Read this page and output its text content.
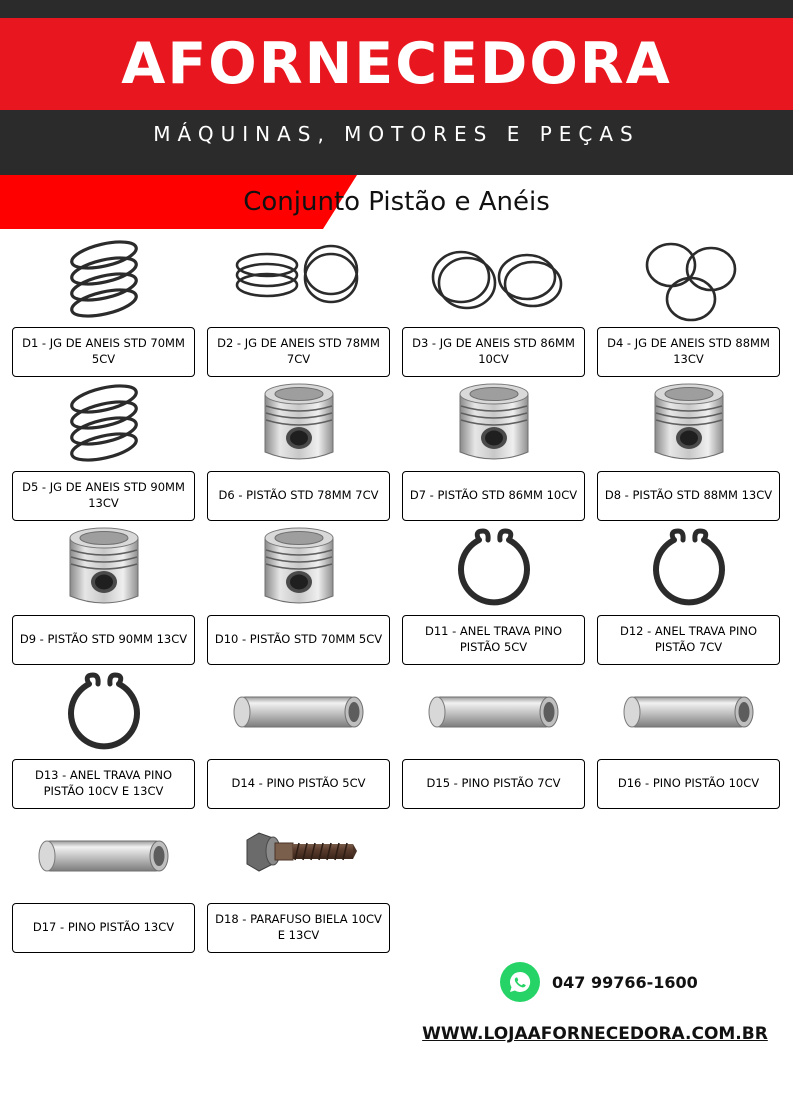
AFORNECEDORA
MÁQUINAS, MOTORES E PEÇAS
Conjunto Pistão e Anéis
D1 - JG DE ANEIS STD 70MM 5CV
D2 - JG DE ANEIS STD 78MM 7CV
D3 - JG DE ANEIS STD 86MM 10CV
D4 - JG DE ANEIS STD 88MM 13CV
D5 - JG DE ANEIS STD 90MM 13CV
D6 - PISTÃO STD 78MM 7CV	D7 - PISTÃO STD 86MM 10CV	D8 - PISTÃO STD 88MM 13CV
D9 - PISTÃO STD 90MM 13CV	D10 - PISTÃO STD 70MM 5CV
D11 - ANEL TRAVA PINO PISTÃO 5CV
D12 - ANEL TRAVA PINO PISTÃO 7CV
D13 - ANEL TRAVA PINO PISTÃO 10CV E 13CV
D14 - PINO PISTÃO 5CV	D15 - PINO PISTÃO 7CV	D16 - PINO PISTÃO 10CV
D17 - PINO PISTÃO 13CV
D18 - PARAFUSO BIELA 10CV E 13CV
047 99766-1600
WWW.LOJAAFORNECEDORA.COM.BR
